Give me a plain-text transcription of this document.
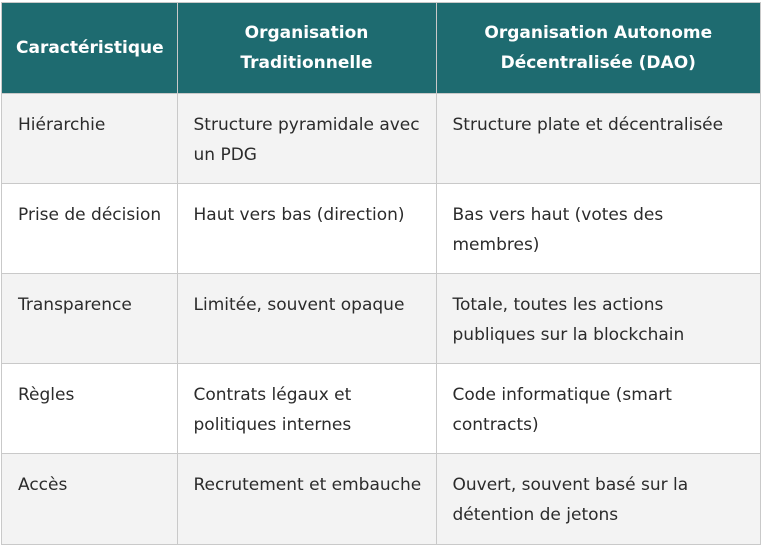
Caractéristique	Organisation Traditionnelle	Organisation Autonome Décentralisée (DAO)
Hiérarchie	Structure pyramidale avec un PDG	Structure plate et décentralisée
Prise de décision	Haut vers bas (direction)	Bas vers haut (votes des membres)
Transparence	Limitée, souvent opaque	Totale, toutes les actions publiques sur la blockchain
Règles	Contrats légaux et politiques internes	Code informatique (smart contracts)
Accès	Recrutement et embauche	Ouvert, souvent basé sur la détention de jetons
